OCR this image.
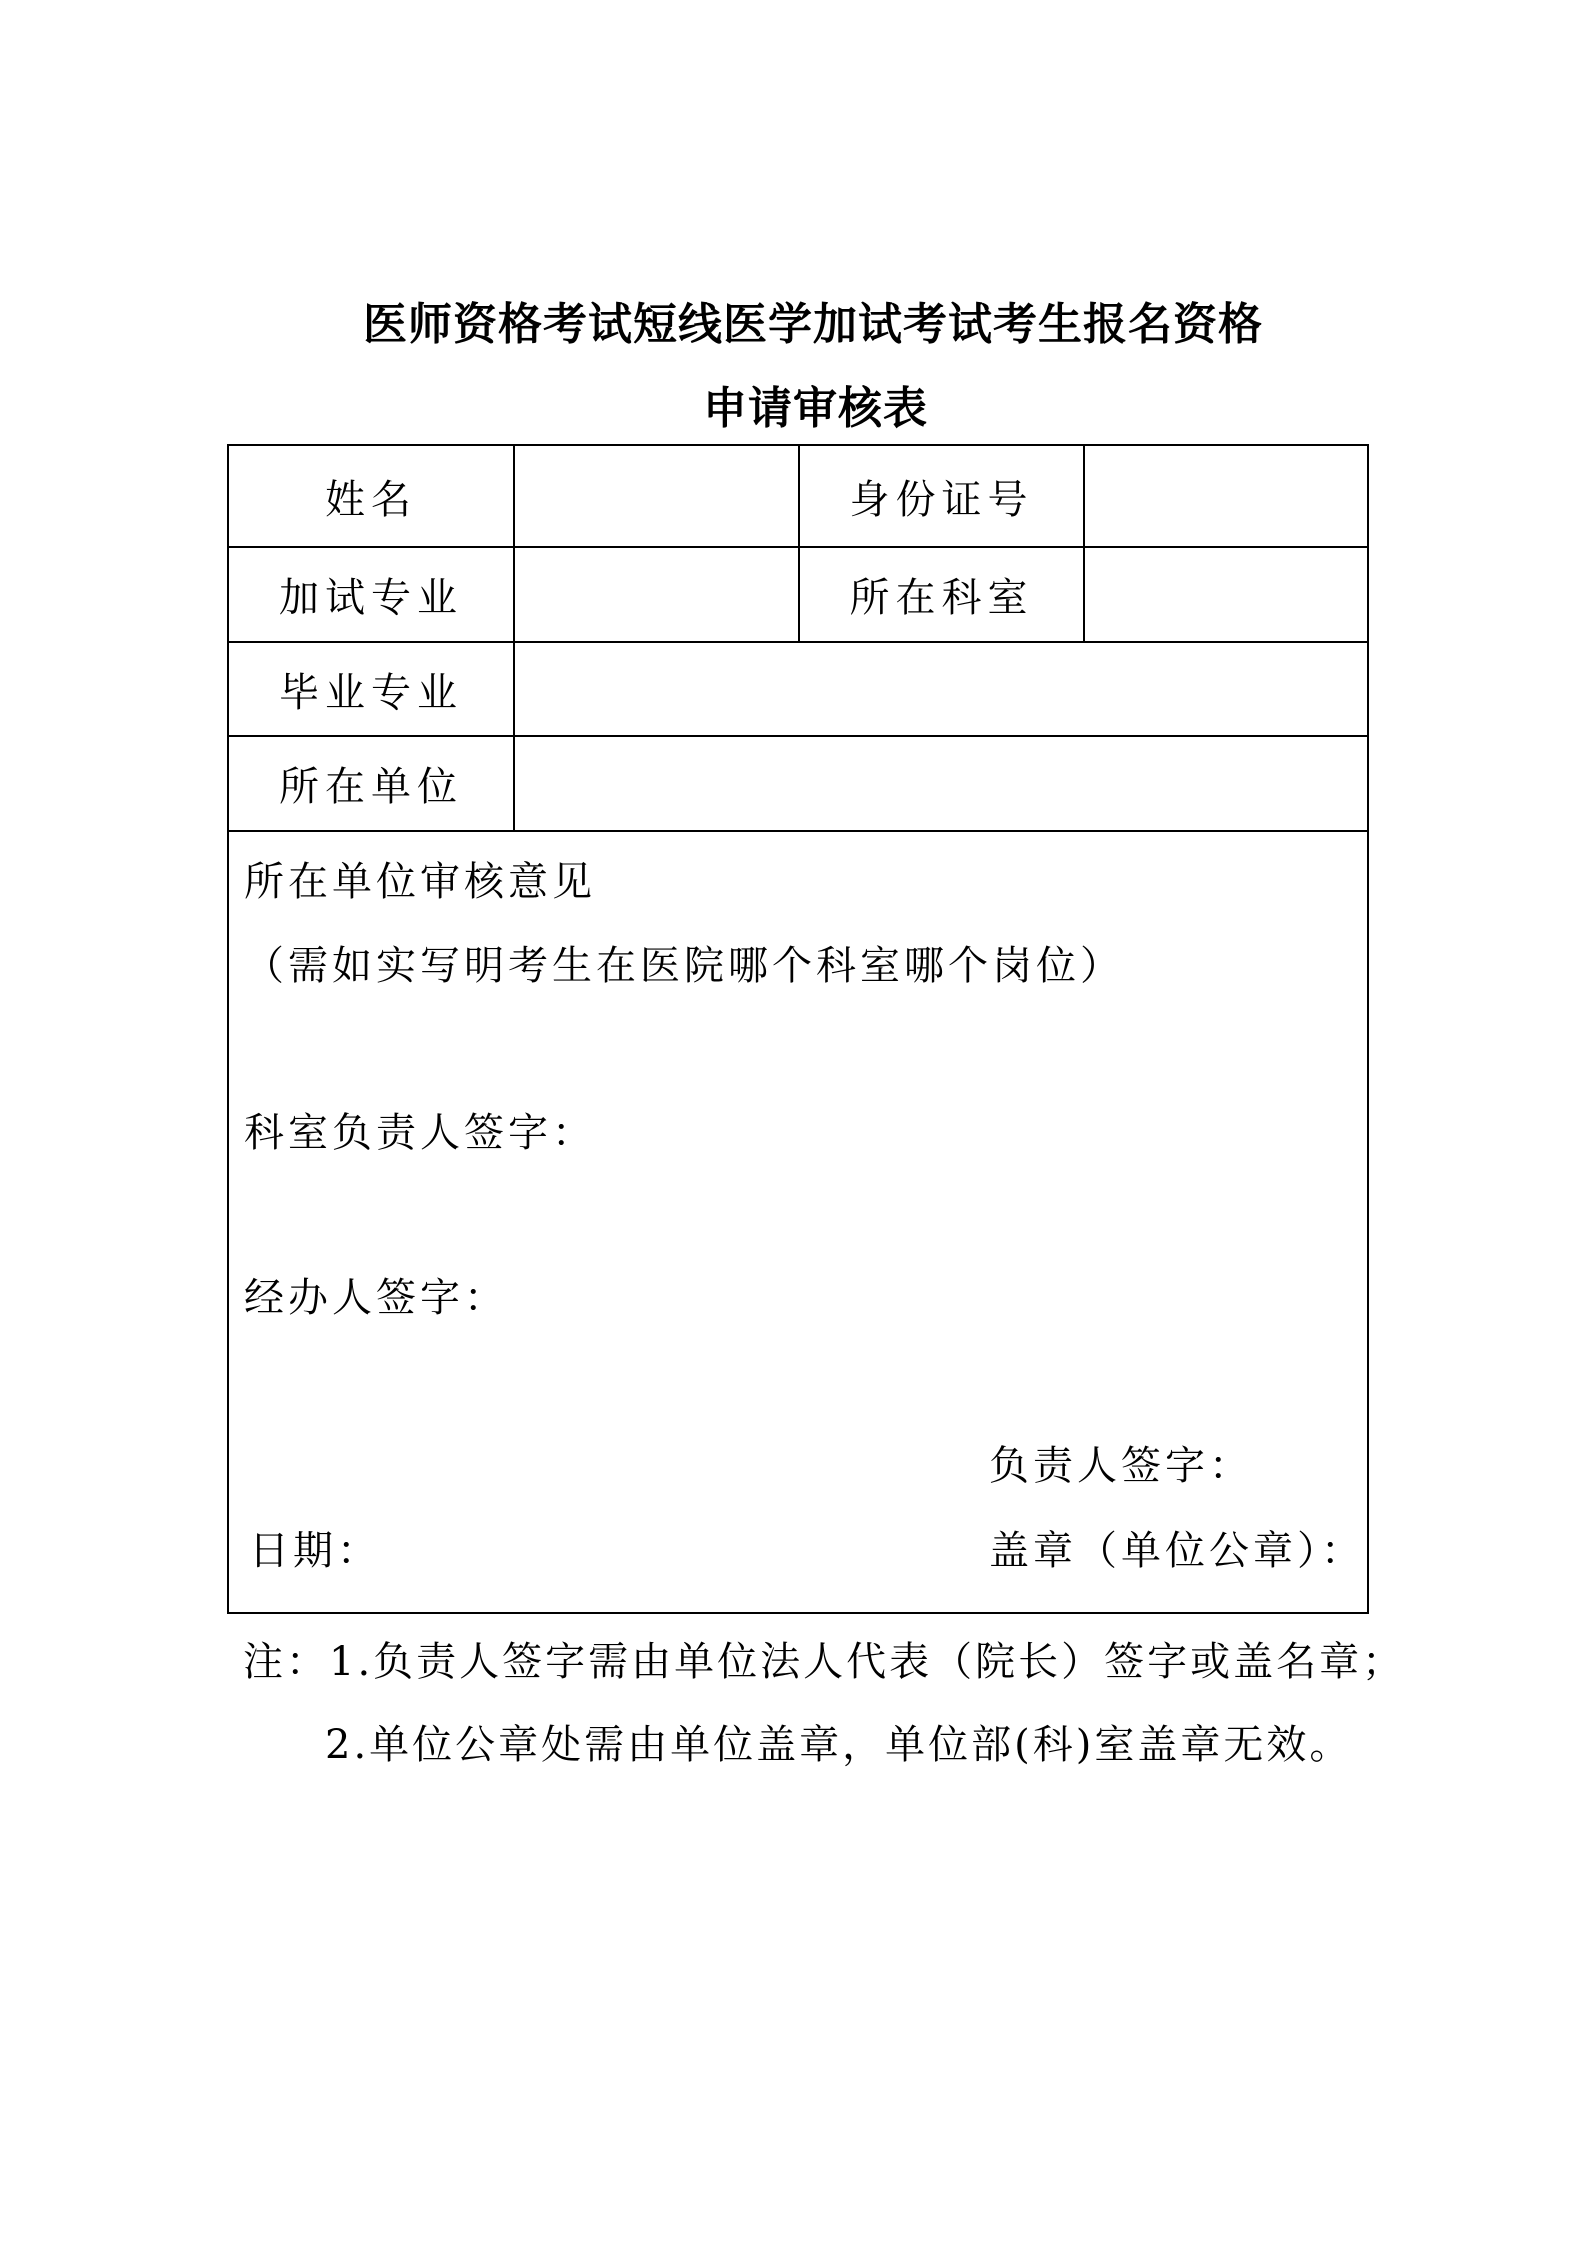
医师资格考试短线医学加试考试考生报名资格
申请审核表
姓名	身份证号
加试专业	所在科室
毕业专业
所在单位
所在单位审核意见
（需如实写明考生在医院哪个科室哪个岗位）
科室负责人签字：
经办人签字：
负责人签字：
日期：	盖章（单位公章）：
注：1.负责人签字需由单位法人代表（院长）签字或盖名章；
2.单位公章处需由单位盖章，单位部(科)室盖章无效。
